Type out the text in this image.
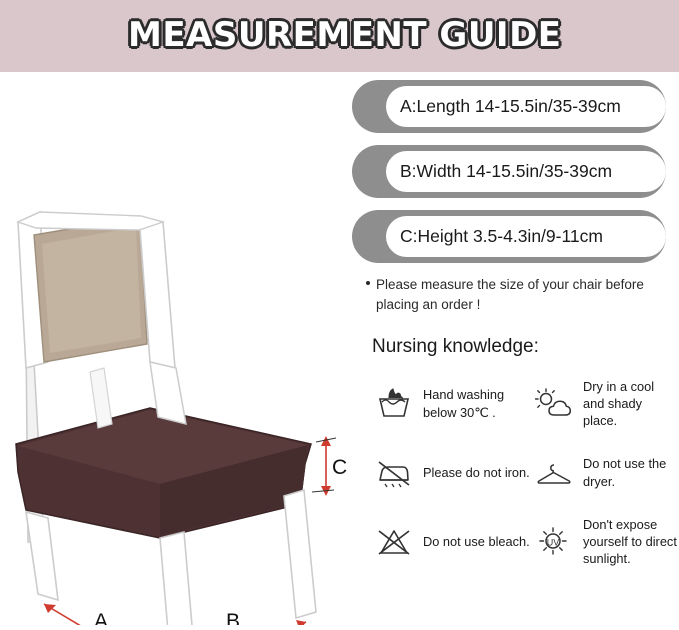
MEASUREMENT GUIDE
A	B
C
A:Length 14-15.5in/35-39cm
B:Width 14-15.5in/35-39cm
C:Height 3.5-4.3in/9-11cm
Please measure the size of your chair before placing an order !
Nursing knowledge:
Hand washing below 30℃ .
Dry in a cool and shady place.
Please do not iron.
Do not use the dryer.
Do not use bleach. UV
Don't expose yourself to direct sunlight.
